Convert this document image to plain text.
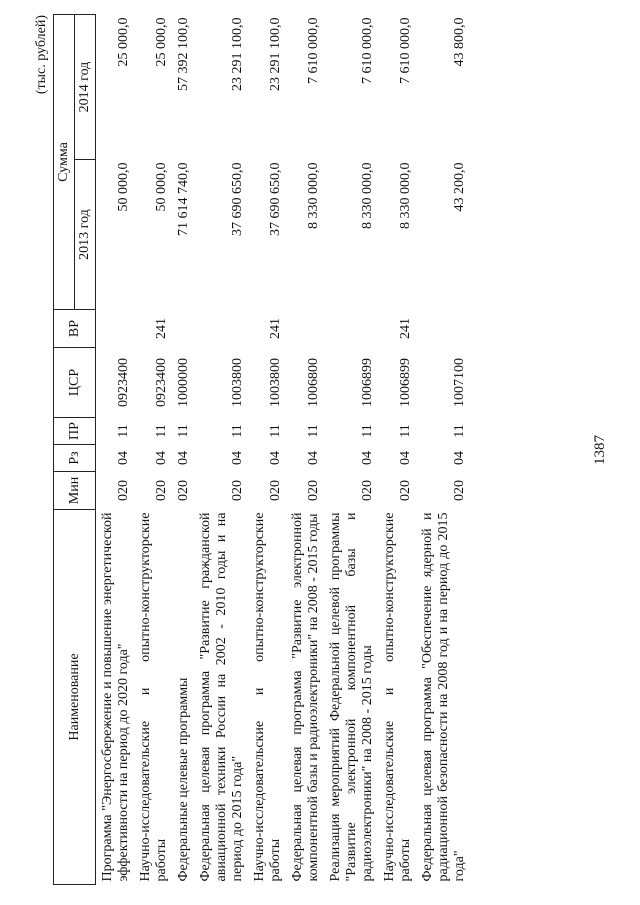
(тыс. рублей)
Наименование	Мин	Рз	ПР	ЦСР	ВР	Сумма	
						2013 год	2014 год
Программа "Энергосбережение и повышение энергетической эффективности на период до 2020 года"	020	04	11	0923400		50 000,0	25 000,0
Научно-исследовательские и опытно-конструкторские работы	020	04	11	0923400	241	50 000,0	25 000,0
Федеральные целевые программы	020	04	11	1000000		71 614 740,0	57 392 100,0
Федеральная целевая программа "Развитие гражданской авиационной техники России на 2002 - 2010 годы и на период до 2015 года"	020	04	11	1003800		37 690 650,0	23 291 100,0
Научно-исследовательские и опытно-конструкторские работы	020	04	11	1003800	241	37 690 650,0	23 291 100,0
Федеральная целевая программа "Развитие электронной компонентной базы и радиоэлектроники" на 2008 - 2015 годы	020	04	11	1006800		8 330 000,0	7 610 000,0
Реализация мероприятий Федеральной целевой программы "Развитие электронной компонентной базы и радиоэлектроники" на 2008 - 2015 годы	020	04	11	1006899		8 330 000,0	7 610 000,0
Научно-исследовательские и опытно-конструкторские работы	020	04	11	1006899	241	8 330 000,0	7 610 000,0
Федеральная целевая программа "Обеспечение ядерной и радиационной безопасности на 2008 год и на период до 2015 года"	020	04	11	1007100		43 200,0	43 800,0
1387
